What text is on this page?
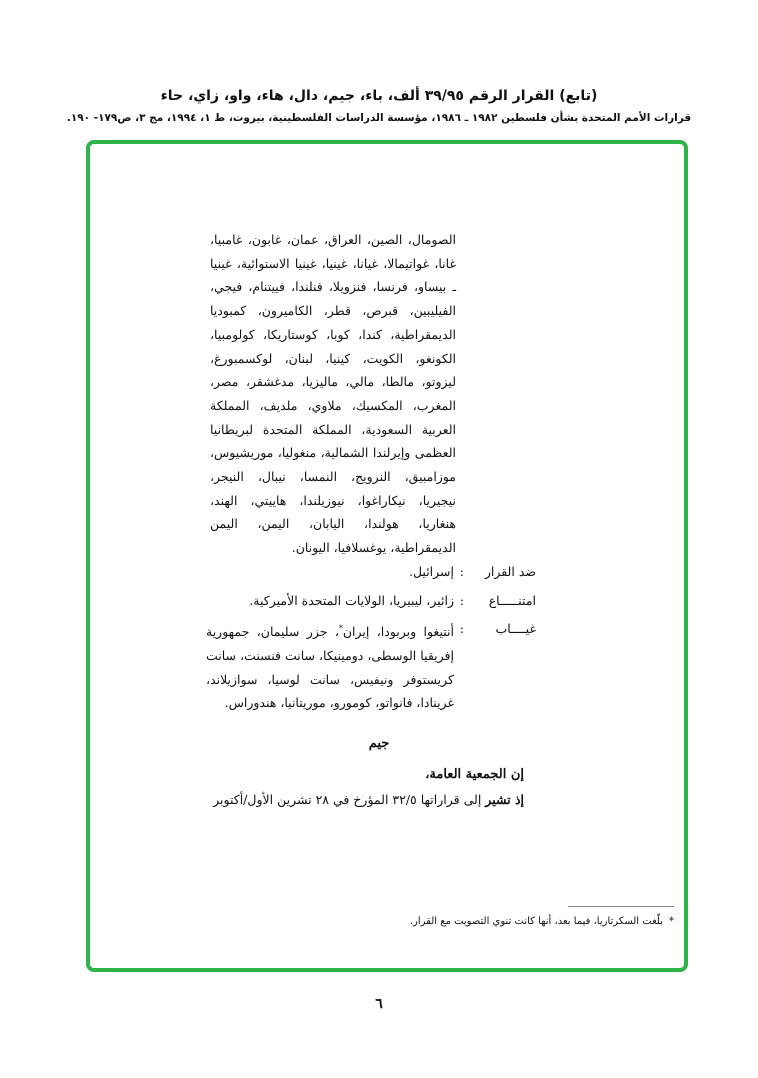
(تابع) القرار الرقم ٣٩/٩٥ ألف، باء، جيم، دال، هاء، واو، زاي، حاء
قرارات الأمم المتحدة بشأن فلسطين ١٩٨٢ ـ ١٩٨٦، مؤسسة الدراسات الفلسطينية، بيروت، ط ١، ١٩٩٤، مج ٣، ص١٧٩- ١٩٠.
الصومال، الصين، العراق، عمان، غابون، غامبيا، غانا، غواتيمالا، غيانا، غينيا، غينيا الاستوائية، غينيا ـ بيساو، فرنسا، فنزويلا، فنلندا، فييتنام، فيجي، الفيليبين، قبرص، قطر، الكاميرون، كمبوديا الديمقراطية، كندا، كوبا، كوستاريكا، كولومبيا، الكونغو، الكويت، كينيا، لبنان، لوكسمبورغ، ليزوتو، مالطا، مالي، ماليزيا، مدغشقر، مصر، المغرب، المكسيك، ملاوي، ملديف، المملكة العربية السعودية، المملكة المتحدة لبريطانيا العظمى وإيرلندا الشمالية، منغوليا، موريشيوس، موزامبيق، النرويج، النمسا، نيبال، النيجر، نيجيريا، نيكاراغوا، نيوزيلندا، هاييتي، الهند، هنغاريا، هولندا، اليابان، اليمن، اليمن الديمقراطية، يوغسلافيا، اليونان.
ضد القرار
:
إسرائيل.
امتنـــــاع
:
زائير، ليبيريا، الولايات المتحدة الأميركية.
غيــــاب
:
أنتيغوا وبربودا، إيران*، جزر سليمان، جمهورية إفريقيا الوسطى، دومينيكا، سانت فنسنت، سانت كريستوفر ونيفيس، سانت لوسيا، سوازيلاند، غرينادا، فانواتو، كومورو، موريتانيا، هندوراس.
جيم
إن الجمعية العامة،
إذ تشير إلى قراراتها ٣٢/٥ المؤرخ في ٢٨ تشرين الأول/أكتوبر
*بلّغت السكرتاريا، فيما بعد، أنها كانت تنوي التصويت مع القرار.
٦
